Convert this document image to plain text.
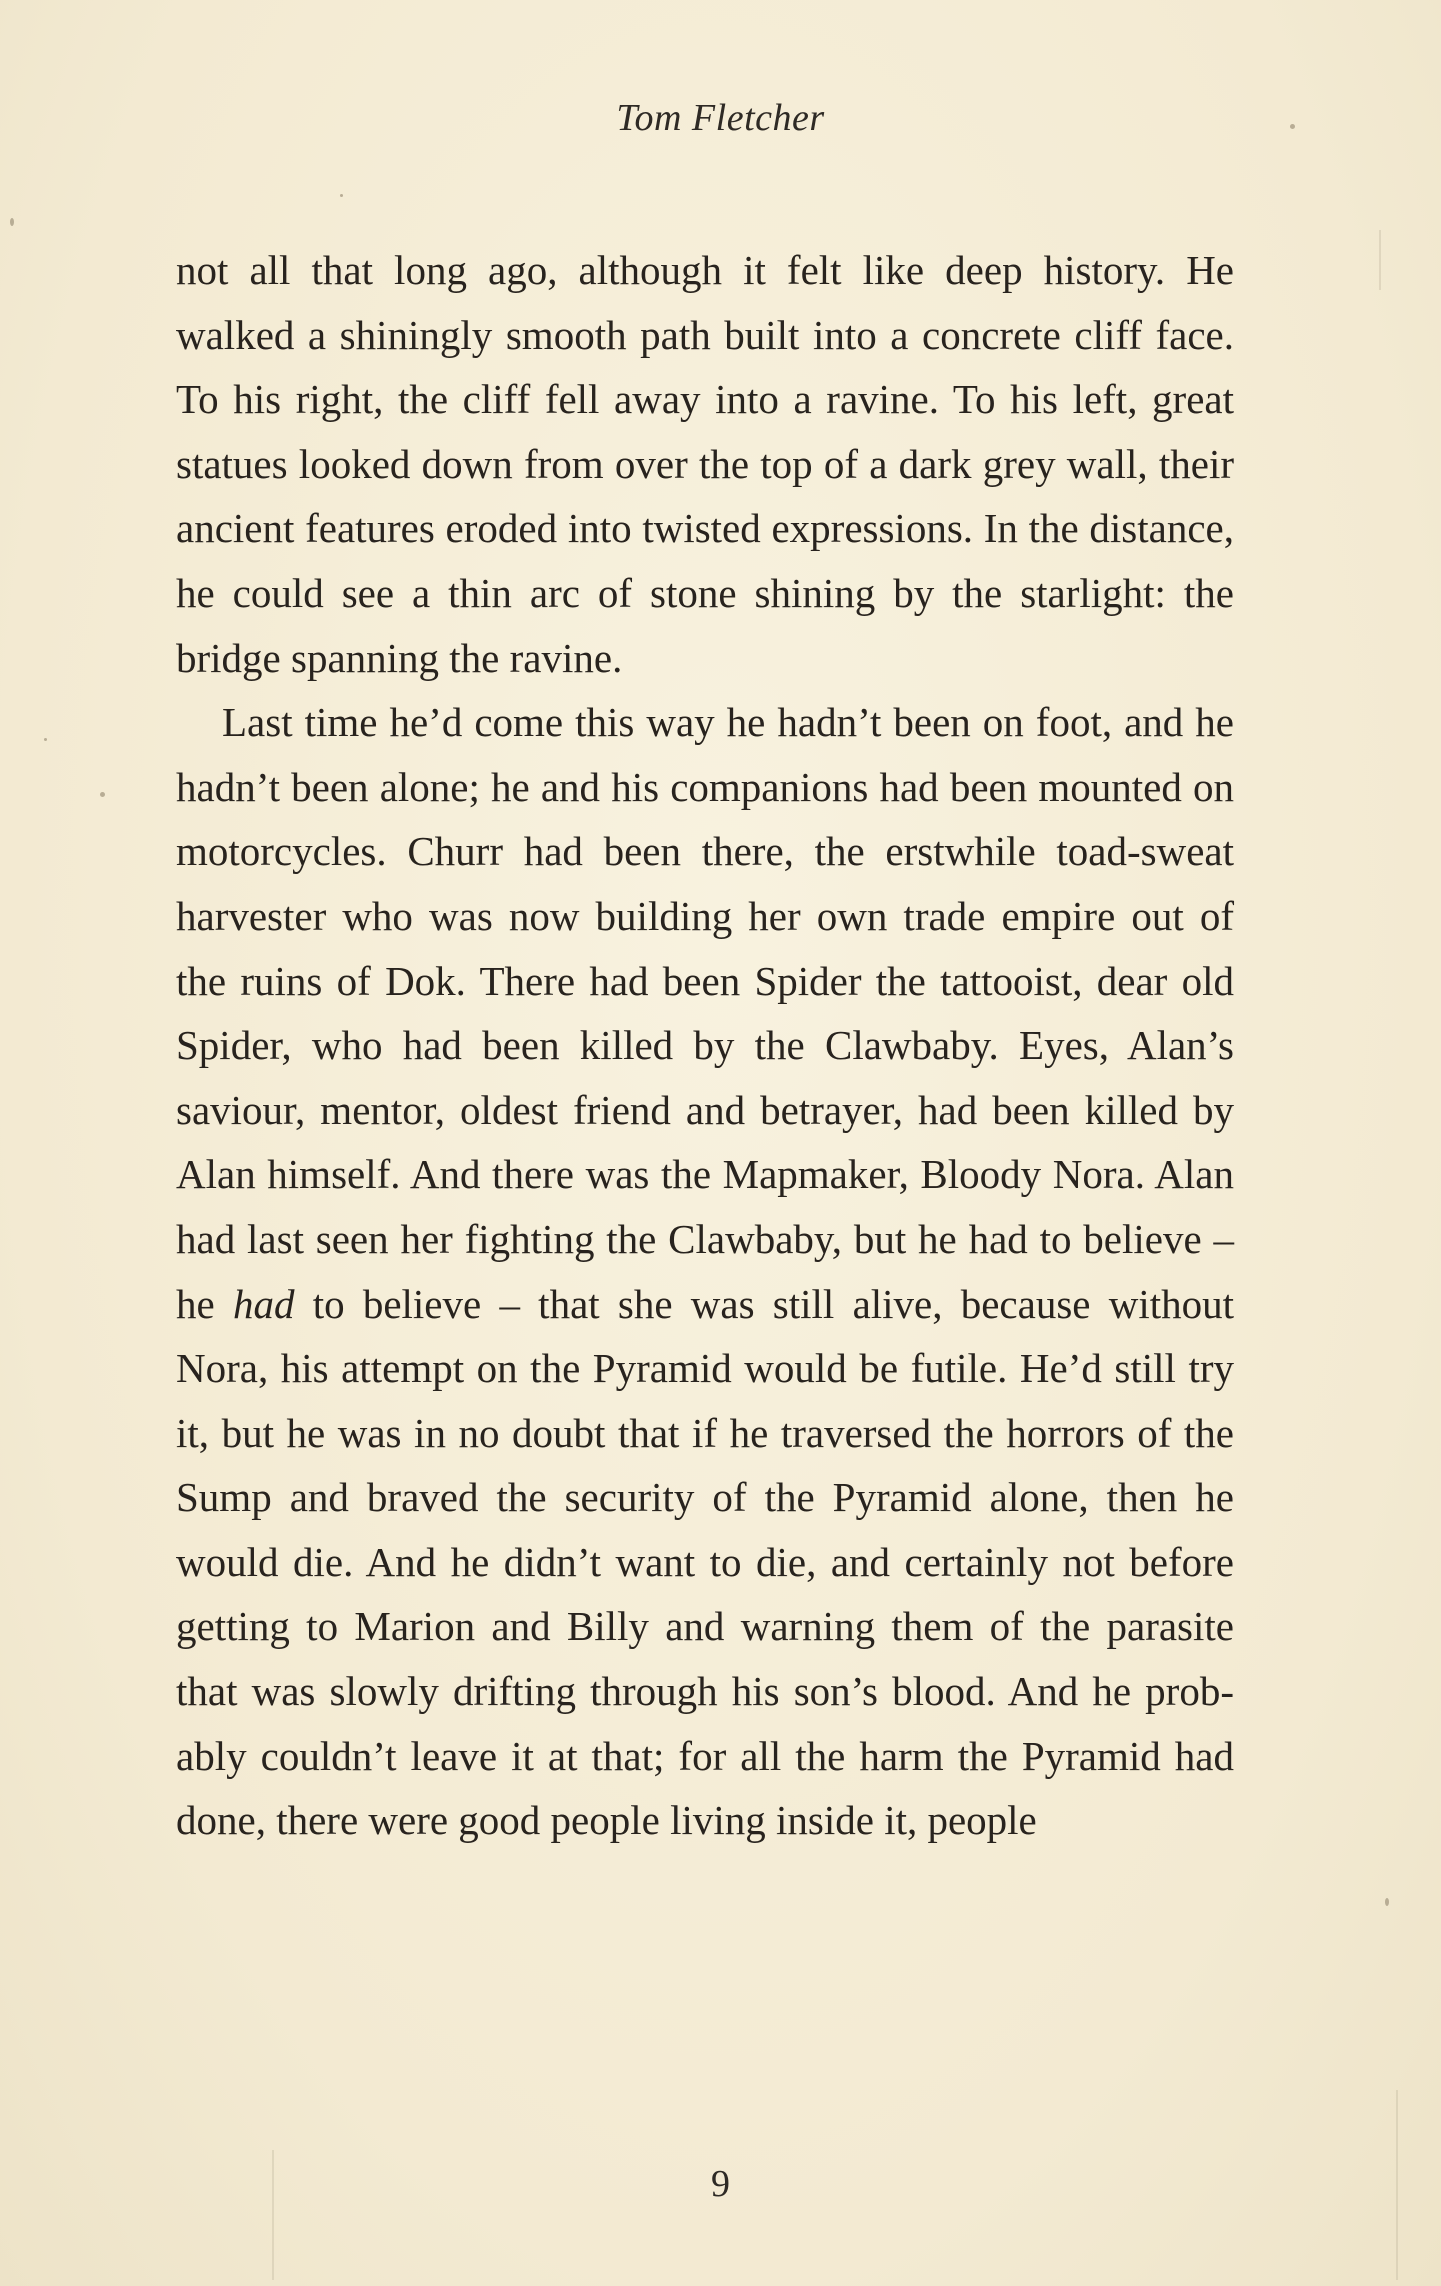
Tom Fletcher

not all that long ago, although it felt like deep history. He walked a shiningly smooth path built into a concrete cliff face. To his right, the cliff fell away into a ravine. To his left, great statues looked down from over the top of a dark grey wall, their ancient features eroded into twisted expressions. In the distance, he could see a thin arc of stone shining by the starlight: the bridge spanning the ravine.

Last time he’d come this way he hadn’t been on foot, and he hadn’t been alone; he and his companions had been mounted on motorcycles. Churr had been there, the erstwhile toad-sweat harvester who was now building her own trade empire out of the ruins of Dok. There had been Spider the tattooist, dear old Spider, who had been killed by the Clawbaby. Eyes, Alan’s saviour, mentor, oldest friend and betrayer, had been killed by Alan himself. And there was the Mapmaker, Bloody Nora. Alan had last seen her fighting the Clawbaby, but he had to believe – he had to believe – that she was still alive, because without Nora, his attempt on the Pyramid would be futile. He’d still try it, but he was in no doubt that if he traversed the horrors of the Sump and braved the security of the Pyramid alone, then he would die. And he didn’t want to die, and certainly not before getting to Marion and Billy and warning them of the parasite that was slowly drifting through his son’s blood. And he probably couldn’t leave it at that; for all the harm the Pyramid had done, there were good people living inside it, people

9
